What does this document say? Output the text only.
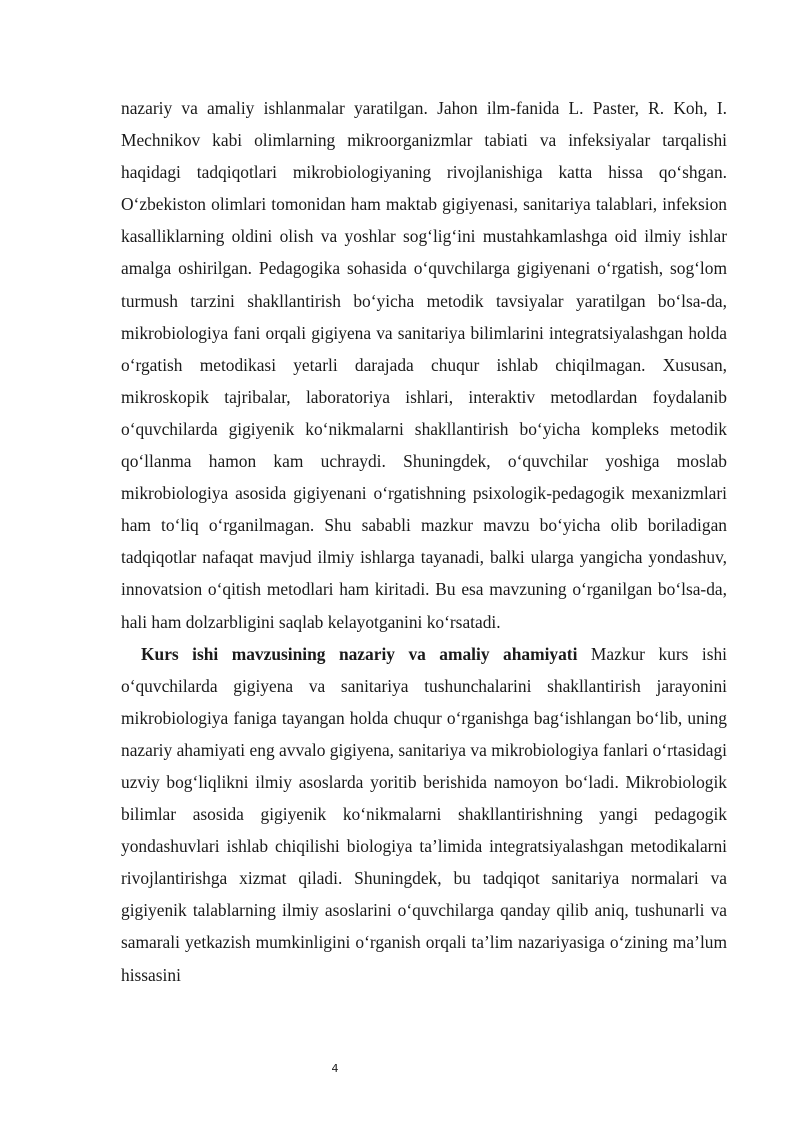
nazariy va amaliy ishlanmalar yaratilgan. Jahon ilm-fanida L. Paster, R. Koh, I. Mechnikov kabi olimlarning mikroorganizmlar tabiati va infeksiyalar tarqalishi haqidagi tadqiqotlari mikrobiologiyaning rivojlanishiga katta hissa qo‘shgan. O‘zbekiston olimlari tomonidan ham maktab gigiyenasi, sanitariya talablari, infeksion kasalliklarning oldini olish va yoshlar sog‘lig‘ini mustahkamlashga oid ilmiy ishlar amalga oshirilgan. Pedagogika sohasida o‘quvchilarga gigiyenani o‘rgatish, sog‘lom turmush tarzini shakllantirish bo‘yicha metodik tavsiyalar yaratilgan bo‘lsa-da, mikrobiologiya fani orqali gigiyena va sanitariya bilimlarini integratsiyalashgan holda o‘rgatish metodikasi yetarli darajada chuqur ishlab chiqilmagan. Xususan, mikroskopik tajribalar, laboratoriya ishlari, interaktiv metodlardan foydalanib o‘quvchilarda gigiyenik ko‘nikmalarni shakllantirish bo‘yicha kompleks metodik qo‘llanma hamon kam uchraydi. Shuningdek, o‘quvchilar yoshiga moslab mikrobiologiya asosida gigiyenani o‘rgatishning psixologik-pedagogik mexanizmlari ham to‘liq o‘rganilmagan. Shu sababli mazkur mavzu bo‘yicha olib boriladigan tadqiqotlar nafaqat mavjud ilmiy ishlarga tayanadi, balki ularga yangicha yondashuv, innovatsion o‘qitish metodlari ham kiritadi. Bu esa mavzuning o‘rganilgan bo‘lsa-da, hali ham dolzarbligini saqlab kelayotganini ko‘rsatadi.

Kurs ishi mavzusining nazariy va amaliy ahamiyati Mazkur kurs ishi o‘quvchilarda gigiyena va sanitariya tushunchalarini shakllantirish jarayonini mikrobiologiya faniga tayangan holda chuqur o‘rganishga bag‘ishlangan bo‘lib, uning nazariy ahamiyati eng avvalo gigiyena, sanitariya va mikrobiologiya fanlari o‘rtasidagi uzviy bog‘liqlikni ilmiy asoslarda yoritib berishida namoyon bo‘ladi. Mikrobiologik bilimlar asosida gigiyenik ko‘nikmalarni shakllantirishning yangi pedagogik yondashuvlari ishlab chiqilishi biologiya ta’limida integratsiyalashgan metodikalarni rivojlantirishga xizmat qiladi. Shuningdek, bu tadqiqot sanitariya normalari va gigiyenik talablarning ilmiy asoslarini o‘quvchilarga qanday qilib aniq, tushunarli va samarali yetkazish mumkinligini o‘rganish orqali ta’lim nazariyasiga o‘zining ma’lum hissasini

4
